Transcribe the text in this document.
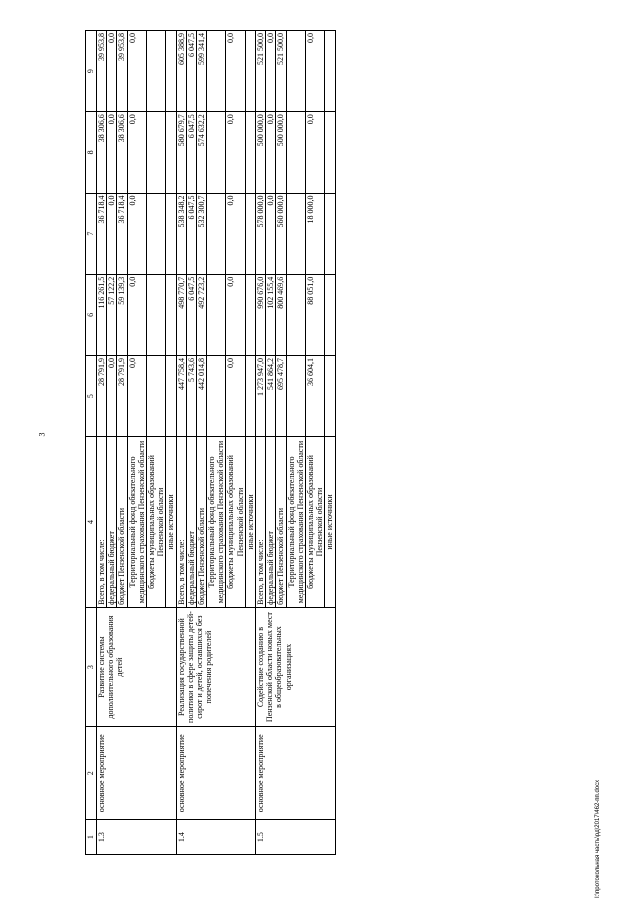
3
1	2	3	4	5	6	7	8	9
1.3	основное мероприятие	Развитие системы дополнительного образования детей	Всего, в том числе:	28 791,9	116 261,5	36 718,4	38 306,6	39 953,8
			федеральный бюджет	0,0	57 122,2	0,0	0,0	0,0
			бюджет Пензенской области	28 791,9	59 139,3	36 718,4	38 306,6	39 953,8
			Территориальный фонд обязательного медицинского страхования Пензенской области	0,0	0,0	0,0	0,0	0,0
			бюджеты муниципальных образований Пензенской области					
			иные источники					
1.4	основное мероприятие	Реализация государственной политики в сфере защиты детей-сирот и детей, оставшихся без попечения родителей	Всего, в том числе:	447 758,4	498 770,7	538 348,2	580 679,7	605 388,9
			федеральный бюджет	5 743,6	6 047,5	6 047,5	6 047,5	6 047,5
			бюджет Пензенской области	442 014,8	492 723,2	532 300,7	574 632,2	599 341,4
			Территориальный фонд обязательного медицинского страхования Пензенской области					
			бюджеты муниципальных образований Пензенской области	0,0	0,0	0,0	0,0	0,0
			иные источники					
1.5	основное мероприятие	Содействие созданию в Пензенской области новых мест в общеобразовательных организациях	Всего, в том числе:	1 273 947,0	990 676,0	578 000,0	500 000,0	521 500,0
			федеральный бюджет	541 864,2	102 155,4	0,0	0,0	0,0
			бюджет Пензенской области	695 478,7	800 469,6	560 000,0	500 000,0	521 500,0
			Территориальный фонд обязательного медицинского страхования Пензенской области					
			бюджеты муниципальных образований Пензенской области	36 604,1	88 051,0	18 000,0	0,0	0,0
			иные источники					
I:\протокольная часть\рд\2017\462-пп.docx
